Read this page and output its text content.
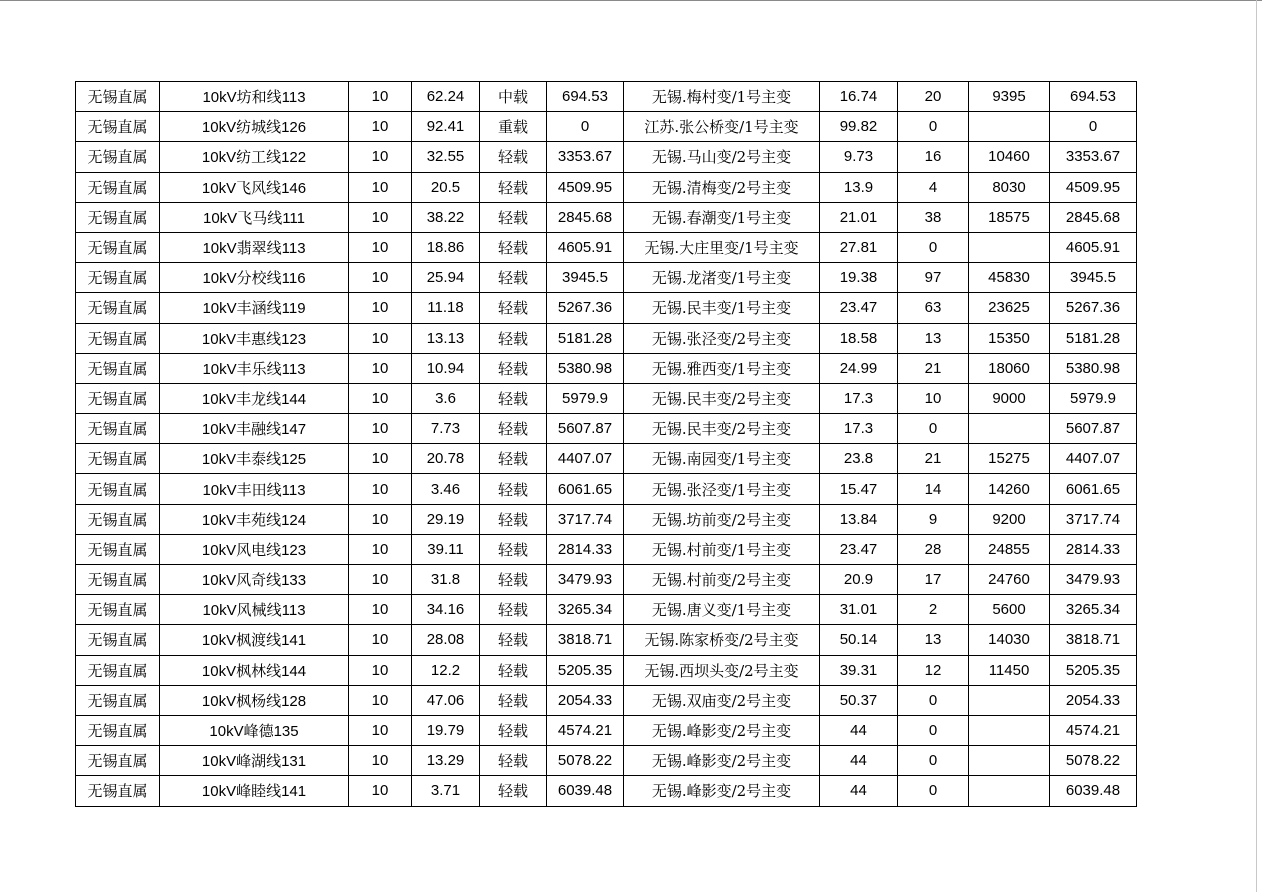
无锡直属	10kV坊和线113	10	62.24	中载	694.53	无锡.梅村变/1号主变	16.74	20	9395	694.53
无锡直属	10kV纺城线126	10	92.41	重载	0	江苏.张公桥变/1号主变	99.82	0		0
无锡直属	10kV纺工线122	10	32.55	轻载	3353.67	无锡.马山变/2号主变	9.73	16	10460	3353.67
无锡直属	10kV飞风线146	10	20.5	轻载	4509.95	无锡.清梅变/2号主变	13.9	4	8030	4509.95
无锡直属	10kV飞马线111	10	38.22	轻载	2845.68	无锡.春潮变/1号主变	21.01	38	18575	2845.68
无锡直属	10kV翡翠线113	10	18.86	轻载	4605.91	无锡.大庄里变/1号主变	27.81	0		4605.91
无锡直属	10kV分校线116	10	25.94	轻载	3945.5	无锡.龙渚变/1号主变	19.38	97	45830	3945.5
无锡直属	10kV丰涵线119	10	11.18	轻载	5267.36	无锡.民丰变/1号主变	23.47	63	23625	5267.36
无锡直属	10kV丰惠线123	10	13.13	轻载	5181.28	无锡.张泾变/2号主变	18.58	13	15350	5181.28
无锡直属	10kV丰乐线113	10	10.94	轻载	5380.98	无锡.雅西变/1号主变	24.99	21	18060	5380.98
无锡直属	10kV丰龙线144	10	3.6	轻载	5979.9	无锡.民丰变/2号主变	17.3	10	9000	5979.9
无锡直属	10kV丰融线147	10	7.73	轻载	5607.87	无锡.民丰变/2号主变	17.3	0		5607.87
无锡直属	10kV丰泰线125	10	20.78	轻载	4407.07	无锡.南园变/1号主变	23.8	21	15275	4407.07
无锡直属	10kV丰田线113	10	3.46	轻载	6061.65	无锡.张泾变/1号主变	15.47	14	14260	6061.65
无锡直属	10kV丰苑线124	10	29.19	轻载	3717.74	无锡.坊前变/2号主变	13.84	9	9200	3717.74
无锡直属	10kV风电线123	10	39.11	轻载	2814.33	无锡.村前变/1号主变	23.47	28	24855	2814.33
无锡直属	10kV风奇线133	10	31.8	轻载	3479.93	无锡.村前变/2号主变	20.9	17	24760	3479.93
无锡直属	10kV风械线113	10	34.16	轻载	3265.34	无锡.唐义变/1号主变	31.01	2	5600	3265.34
无锡直属	10kV枫渡线141	10	28.08	轻载	3818.71	无锡.陈家桥变/2号主变	50.14	13	14030	3818.71
无锡直属	10kV枫林线144	10	12.2	轻载	5205.35	无锡.西坝头变/2号主变	39.31	12	11450	5205.35
无锡直属	10kV枫杨线128	10	47.06	轻载	2054.33	无锡.双庙变/2号主变	50.37	0		2054.33
无锡直属	10kV峰德135	10	19.79	轻载	4574.21	无锡.峰影变/2号主变	44	0		4574.21
无锡直属	10kV峰湖线131	10	13.29	轻载	5078.22	无锡.峰影变/2号主变	44	0		5078.22
无锡直属	10kV峰睦线141	10	3.71	轻载	6039.48	无锡.峰影变/2号主变	44	0		6039.48
